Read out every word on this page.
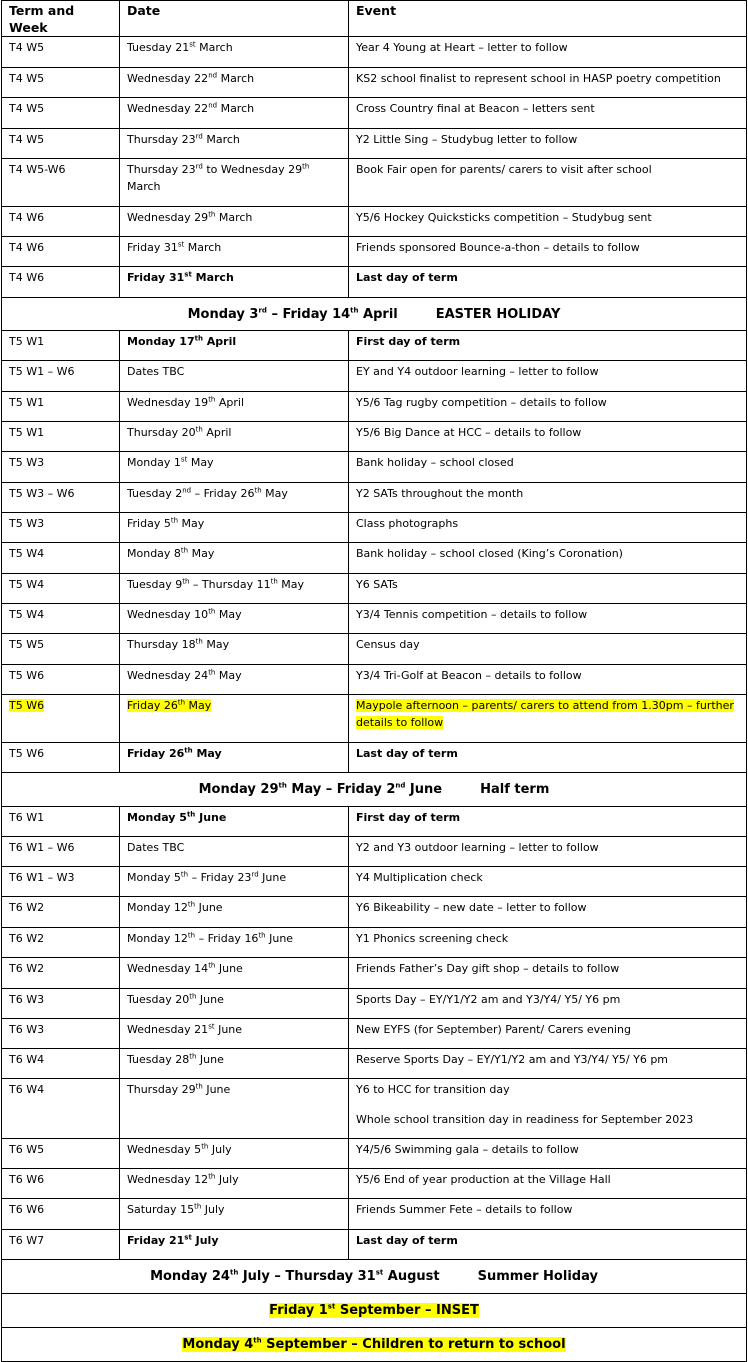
Term and Week	Date	Event

T4 W5	Tuesday 21st March	Year 4 Young at Heart – letter to follow

T4 W5	Wednesday 22nd March	KS2 school finalist to represent school in HASP poetry competition

T4 W5	Wednesday 22nd March	Cross Country final at Beacon – letters sent

T4 W5	Thursday 23rd March	Y2 Little Sing – Studybug letter to follow

T4 W5-W6	Thursday 23rd to Wednesday 29th March	Book Fair open for parents/ carers to visit after school

T4 W6	Wednesday 29th March	Y5/6 Hockey Quicksticks competition – Studybug sent

T4 W6	Friday 31st March	Friends sponsored Bounce-a-thon – details to follow

T4 W6	Friday 31st March	Last day of term

Monday 3rd – Friday 14th April EASTER HOLIDAY		

T5 W1	Monday 17th April	First day of term

T5 W1 – W6	Dates TBC	EY and Y4 outdoor learning – letter to follow

T5 W1	Wednesday 19th April	Y5/6 Tag rugby competition – details to follow

T5 W1	Thursday 20th April	Y5/6 Big Dance at HCC – details to follow

T5 W3	Monday 1st May	Bank holiday – school closed

T5 W3 – W6	Tuesday 2nd – Friday 26th May	Y2 SATs throughout the month

T5 W3	Friday 5th May	Class photographs

T5 W4	Monday 8th May	Bank holiday – school closed (King’s Coronation)

T5 W4	Tuesday 9th – Thursday 11th May	Y6 SATs

T5 W4	Wednesday 10th May	Y3/4 Tennis competition – details to follow

T5 W5	Thursday 18th May	Census day

T5 W6	Wednesday 24th May	Y3/4 Tri-Golf at Beacon – details to follow

T5 W6	Friday 26th May	Maypole afternoon – parents/ carers to attend from 1.30pm – further details to follow

T5 W6	Friday 26th May	Last day of term

Monday 29th May – Friday 2nd June Half term		

T6 W1	Monday 5th June	First day of term

T6 W1 – W6	Dates TBC	Y2 and Y3 outdoor learning – letter to follow

T6 W1 – W3	Monday 5th – Friday 23rd June	Y4 Multiplication check

T6 W2	Monday 12th June	Y6 Bikeability – new date – letter to follow

T6 W2	Monday 12th – Friday 16th June	Y1 Phonics screening check

T6 W2	Wednesday 14th June	Friends Father’s Day gift shop – details to follow

T6 W3	Tuesday 20th June	Sports Day – EY/Y1/Y2 am and Y3/Y4/ Y5/ Y6 pm

T6 W3	Wednesday 21st June	New EYFS (for September) Parent/ Carers evening

T6 W4	Tuesday 28th June	Reserve Sports Day – EY/Y1/Y2 am and Y3/Y4/ Y5/ Y6 pm

T6 W4	Thursday 29th June	Y6 to HCC for transition day
Whole school transition day in readiness for September 2023

T6 W5	Wednesday 5th July	Y4/5/6 Swimming gala – details to follow

T6 W6	Wednesday 12th July	Y5/6 End of year production at the Village Hall

T6 W6	Saturday 15th July	Friends Summer Fete – details to follow

T6 W7	Friday 21st July	Last day of term

Monday 24th July – Thursday 31st August Summer Holiday		
Friday 1st September – INSET		
Monday 4th September – Children to return to school		
